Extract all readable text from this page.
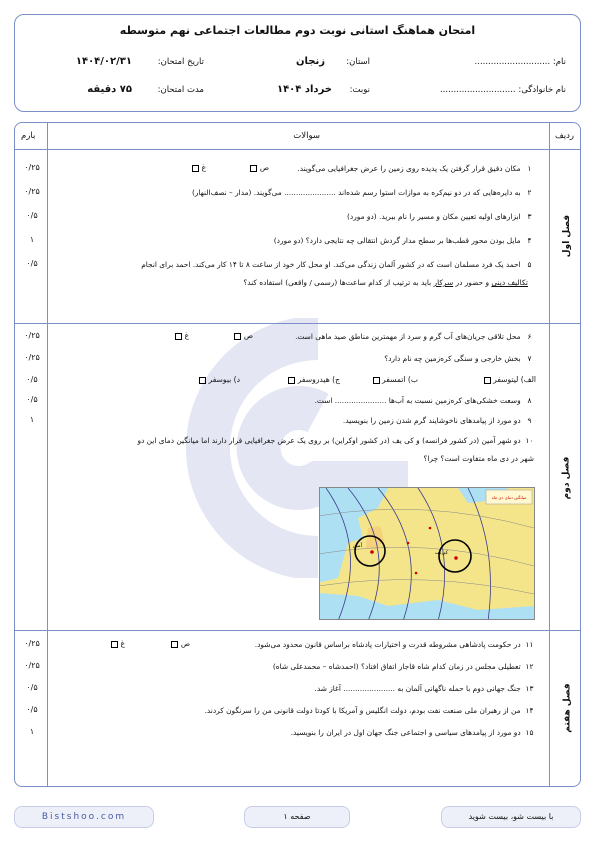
امتحان هماهنگ استانی نوبت دوم مطالعات اجتماعی نهم متوسطه
نام: ............................
نام خانوادگی: ............................
استان:
زنجان
نوبت:
خرداد ۱۴۰۴
تاریخ امتحان:
۱۴۰۴/۰۲/۳۱
مدت امتحان:
۷۵ دقیقه
ردیف
سوالات
بارم
فصل اول
فصل دوم
فصل هفتم
۱ مکان دقیق قرار گرفتن یک پدیده روی زمین را عرض جغرافیایی می‌گویند.
ص
غ
۰/۲۵
۲ به دایره‌هایی که در دو نیم‌کره به موازات استوا رسم شده‌اند ...................... می‌گویند. (مدار – نصف‌النهار)
۰/۲۵
۳ ابزارهای اولیه تعیین مکان و مسیر را نام ببرید. (دو مورد)
۰/۵
۴ مایل بودن محور قطب‌ها بر سطح مدار گردش انتقالی چه نتایجی دارد؟ (دو مورد)
۱
۵ احمد یک فرد مسلمان است که در کشور آلمان زندگی می‌کند. او محل کار خود از ساعت ۸ تا ۱۴ کار می‌کند. احمد برای انجام
تکالیف دینی و حضور در سرکار باید به ترتیب از کدام ساعت‌ها (رسمی / واقعی) استفاده کند؟
۰/۵
۶ محل تلاقی جریان‌های آب گرم و سرد از مهمترین مناطق صید ماهی است.
ص
غ
۰/۲۵
۷ بخش خارجی و سنگی کره‌زمین چه نام دارد؟
۰/۲۵
الف) لیتوسفر
ب) اتمسفر
ج) هیدروسفر
د) بیوسفر
۰/۵
۸ وسعت خشکی‌های کره‌زمین نسبت به آب‌ها ...................... است.
۰/۵
۹ دو مورد از پیامدهای ناخوشایند گرم شدن زمین را بنویسید.
۱
۱۰ دو شهر آمین (در کشور فرانسه) و کی یف (در کشور اوکراین) بر روی یک عرض جغرافیایی قرار دارند اما میانگین دمای این دو
شهر در دی ماه متفاوت است؟ چرا؟
۱۱ در حکومت پادشاهی مشروطه قدرت و اختیارات پادشاه براساس قانون محدود می‌شود.
ص
غ
۰/۲۵
۱۲ تعطیلی مجلس در زمان کدام شاه قاجار اتفاق افتاد؟ (احمدشاه – محمدعلی شاه)
۰/۲۵
۱۳ جنگ جهانی دوم با حمله ناگهانی آلمان به ...................... آغاز شد.
۰/۵
۱۴ من از رهبران ملی صنعت نفت بودم، دولت انگلیس و آمریکا با کودتا دولت قانونی من را سرنگون کردند.
۰/۵
۱۵ دو مورد از پیامدهای سیاسی و اجتماعی جنگ جهان اول در ایران را بنویسید.
۱
میانگین دمای دی ماه
آمین
کی‌یف
Bistshoo.com	صفحه ۱	با بیست شو، بیست شوید
